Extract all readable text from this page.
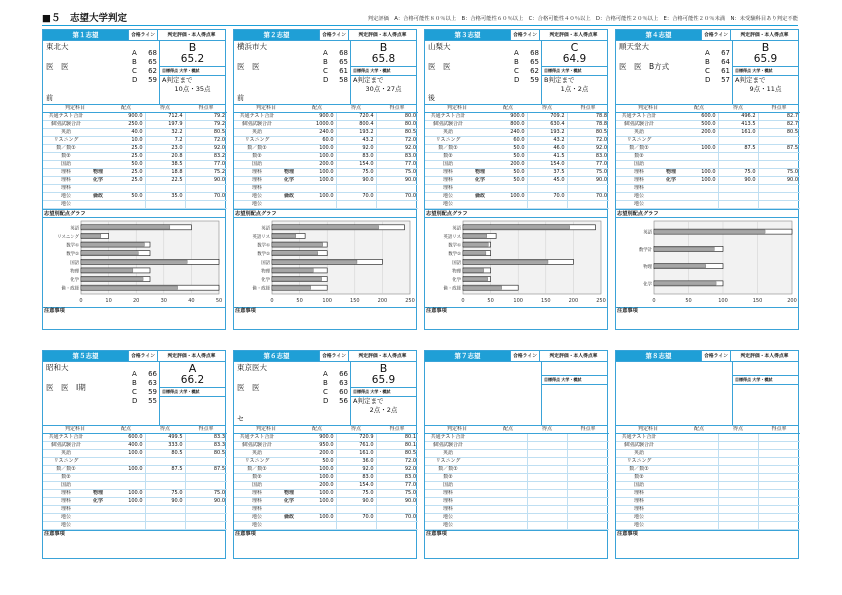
■５　志望大学判定	判定評価　A：合格可能性８０％以上　B：合格可能性６０％以上　C：合格可能性４０％以上　D：合格可能性２０％以上　E：合格可能性２０％未満　N：未受験科目あり判定不能
第１志望	合格ライン	判定評価・本人得点率
東北大
医　医
前
A 68
B 65
C 62
D 59
B
65.2
目標得点 大学・模試
A判定まで
10点・35点
判定科目		配点	得点	得点率
共通テスト合計		900.0	712.4	79.2
個別試験合計		250.0	197.9	79.2
英語		40.0	32.2	80.5
リスニング		10.0	7.2	72.0
数／数①		25.0	23.0	92.0
数②		25.0	20.8	83.2
国語		50.0	38.5	77.0
理科	物理	25.0	18.8	75.2
理科	化学	25.0	22.5	90.0
理科				
地公	倫政	50.0	35.0	70.0
地公				
志望別配点グラフ
0	10	20	30	40	50
英語
リスニング
数学①
数学②
国語
物理
化学
倫・政経
注意事項
第２志望	合格ライン	判定評価・本人得点率
横浜市大
医　医
前
A 68
B 65
C 61
D 58
B
65.8
目標得点 大学・模試
A判定まで
30点・27点
判定科目		配点	得点	得点率
共通テスト合計		900.0	720.4	80.0
個別試験合計		1000.0	800.4	80.0
英語		240.0	193.2	80.5
リスニング		60.0	43.2	72.0
数／数①		100.0	92.0	92.0
数②		100.0	83.0	83.0
国語		200.0	154.0	77.0
理科	物理	100.0	75.0	75.0
理科	化学	100.0	90.0	90.0
理科				
地公	倫政	100.0	70.0	70.0
地公				
志望別配点グラフ
0	50	100	150	200	250
英語
英語リス
数学①
数学②
国語
物理
化学
倫・政経
注意事項
第３志望	合格ライン	判定評価・本人得点率
山梨大
医　医
後
A 68
B 65
C 62
D 59
C
64.9
目標得点 大学・模試
B判定まで
1点・2点
判定科目		配点	得点	得点率
共通テスト合計		900.0	709.2	78.8
個別試験合計		800.0	630.4	78.8
英語		240.0	193.2	80.5
リスニング		60.0	43.2	72.0
数／数①		50.0	46.0	92.0
数②		50.0	41.5	83.0
国語		200.0	154.0	77.0
理科	物理	50.0	37.5	75.0
理科	化学	50.0	45.0	90.0
理科				
地公	倫政	100.0	70.0	70.0
地公				
志望別配点グラフ
0	50	100	150	200	250
英語
英語リス
数学①
数学②
国語
物理
化学
倫・政経
注意事項
第４志望	合格ライン	判定評価・本人得点率
順天堂大
医　医　B方式
A 67
B 64
C 61
D 57
B
65.9
目標得点 大学・模試
A判定まで
9点・11点
判定科目		配点	得点	得点率
共通テスト合計		600.0	496.2	82.7
個別試験合計		500.0	413.5	82.7
英語		200.0	161.0	80.5
リスニング				
数／数①		100.0	87.5	87.5
数②				
国語				
理科	物理	100.0	75.0	75.0
理科	化学	100.0	90.0	90.0
理科				
地公				
地公				
志望別配点グラフ
0	50	100	150	200
英語
数学計
物理
化学
注意事項
第５志望	合格ライン	判定評価・本人得点率
昭和大
医　医　Ⅰ期
A 66
B 63
C 59
D 55
A
66.2
目標得点 大学・模試
判定科目		配点	得点	得点率
共通テスト合計		600.0	499.5	83.3
個別試験合計		400.0	333.0	83.3
英語		100.0	80.5	80.5
リスニング				
数／数①		100.0	87.5	87.5
数②				
国語				
理科	物理	100.0	75.0	75.0
理科	化学	100.0	90.0	90.0
理科				
地公				
地公				
注意事項
第６志望	合格ライン	判定評価・本人得点率
東京医大
医　医
セ
A 66
B 63
C 60
D 56
B
65.9
目標得点 大学・模試
A判定まで
2点・2点
判定科目		配点	得点	得点率
共通テスト合計		900.0	720.9	80.1
個別試験合計		950.0	761.0	80.1
英語		200.0	161.0	80.5
リスニング		50.0	36.0	72.0
数／数①		100.0	92.0	92.0
数②		100.0	83.0	83.0
国語		200.0	154.0	77.0
理科	物理	100.0	75.0	75.0
理科	化学	100.0	90.0	90.0
理科				
地公	倫政	100.0	70.0	70.0
地公				
注意事項
第７志望	合格ライン	判定評価・本人得点率
目標得点 大学・模試
判定科目		配点	得点	得点率
共通テスト合計				
個別試験合計				
英語				
リスニング				
数／数①				
数②				
国語				
理科				
理科				
理科				
地公				
地公				
注意事項
第８志望	合格ライン	判定評価・本人得点率
目標得点 大学・模試
判定科目		配点	得点	得点率
共通テスト合計				
個別試験合計				
英語				
リスニング				
数／数①				
数②				
国語				
理科				
理科				
理科				
地公				
地公				
注意事項
